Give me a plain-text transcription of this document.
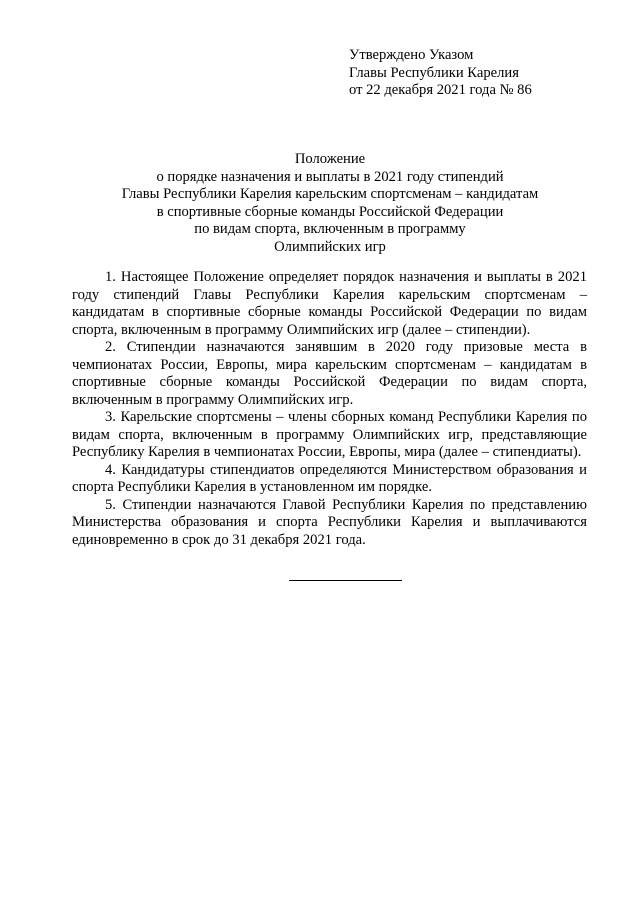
Утверждено Указом
Главы Республики Карелия
от 22 декабря 2021 года № 86
Положение
о порядке назначения и выплаты в 2021 году стипендий
Главы Республики Карелия карельским спортсменам – кандидатам
в спортивные сборные команды Российской Федерации
по видам спорта, включенным в программу
Олимпийских игр

1. Настоящее Положение определяет порядок назначения и выплаты в 2021 году стипендий Главы Республики Карелия карельским спортсменам – кандидатам в спортивные сборные команды Российской Федерации по видам спорта, включенным в программу Олимпийских игр (далее – стипендии).

2. Стипендии назначаются занявшим в 2020 году призовые места в чемпионатах России, Европы, мира карельским спортсменам – кандидатам в спортивные сборные команды Российской Федерации по видам спорта, включенным в программу Олимпийских игр.

3. Карельские спортсмены – члены сборных команд Республики Карелия по видам спорта, включенным в программу Олимпийских игр, представляющие Республику Карелия в чемпионатах России, Европы, мира (далее – стипендиаты).

4. Кандидатуры стипендиатов определяются Министерством образования и спорта Республики Карелия в установленном им порядке.

5. Стипендии назначаются Главой Республики Карелия по представлению Министерства образования и спорта Республики Карелия и выплачиваются единовременно в срок до 31 декабря 2021 года.
